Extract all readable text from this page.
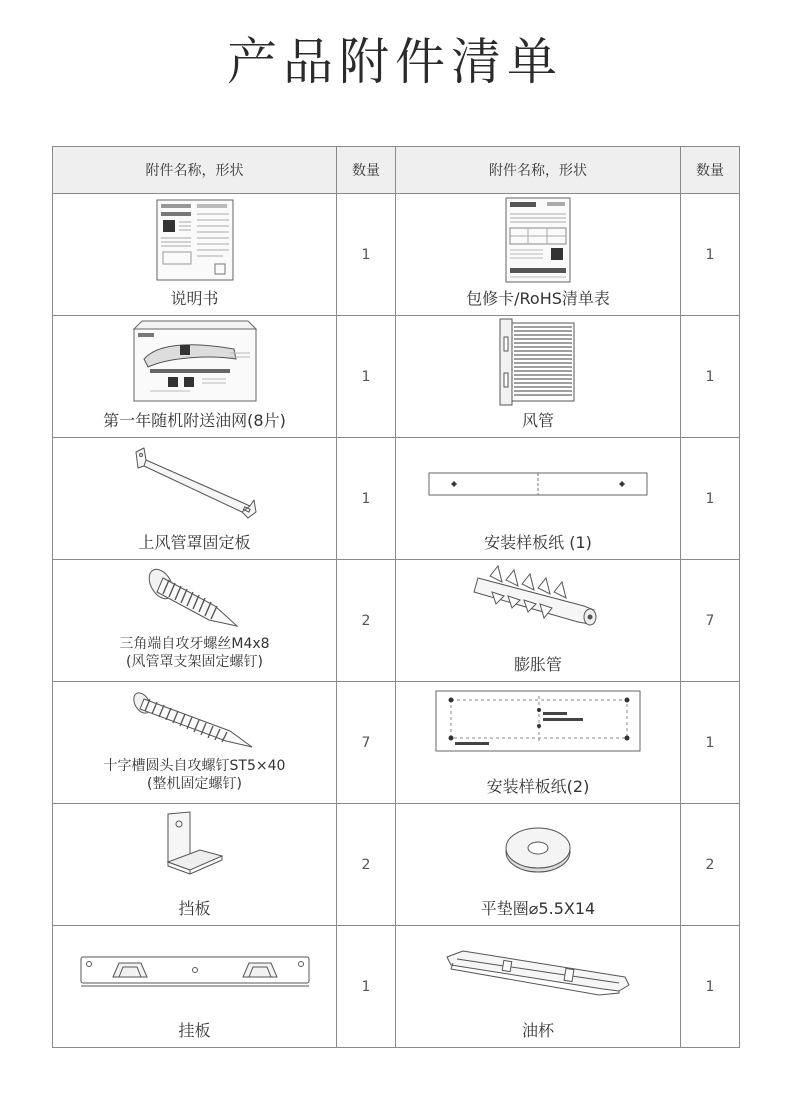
产品附件清单
附件名称，形状	数量	附件名称，形状	数量

说明书	1	包修卡/RoHS清单表	1

第一年随机附送油网(8片)	1	风管	1

上风管罩固定板	1	安装样板纸 (1)	1

三角端自攻牙螺丝M4x8
(风管罩支架固定螺钉)	2	膨胀管	7

十字槽圆头自攻螺钉ST5×40
(整机固定螺钉)	7	安装样板纸(2)	1

挡板	2	平垫圈⌀5.5X14	2

挂板	1	油杯	1
